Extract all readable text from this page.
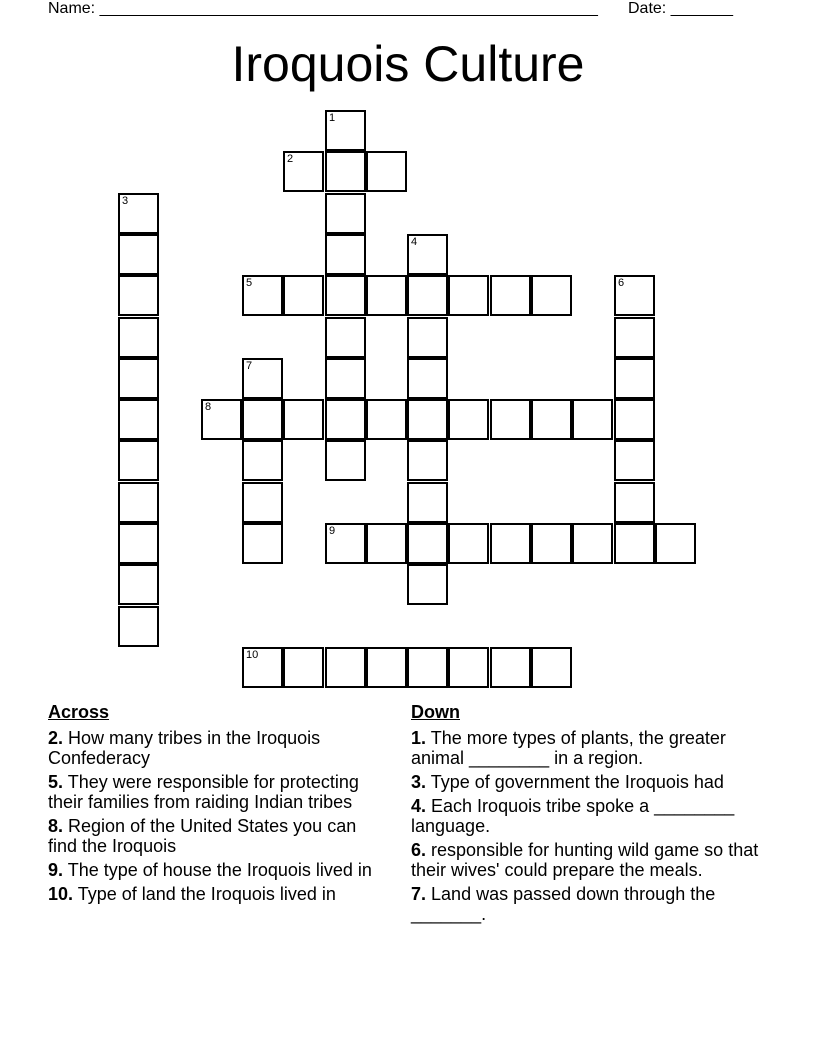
Name: ________________________________________________________ Date: _______
Iroquois Culture
1
2
3
4
5	6
7
8
9
10
Across
2. How many tribes in the Iroquois Confederacy
5. They were responsible for protecting their families from raiding Indian tribes
8. Region of the United States you can find the Iroquois
9. The type of house the Iroquois lived in
10. Type of land the Iroquois lived in
Down
1. The more types of plants, the greater animal ________ in a region.
3. Type of government the Iroquois had
4. Each Iroquois tribe spoke a ________ language.
6. responsible for hunting wild game so that their wives' could prepare the meals.
7. Land was passed down through the _______.
